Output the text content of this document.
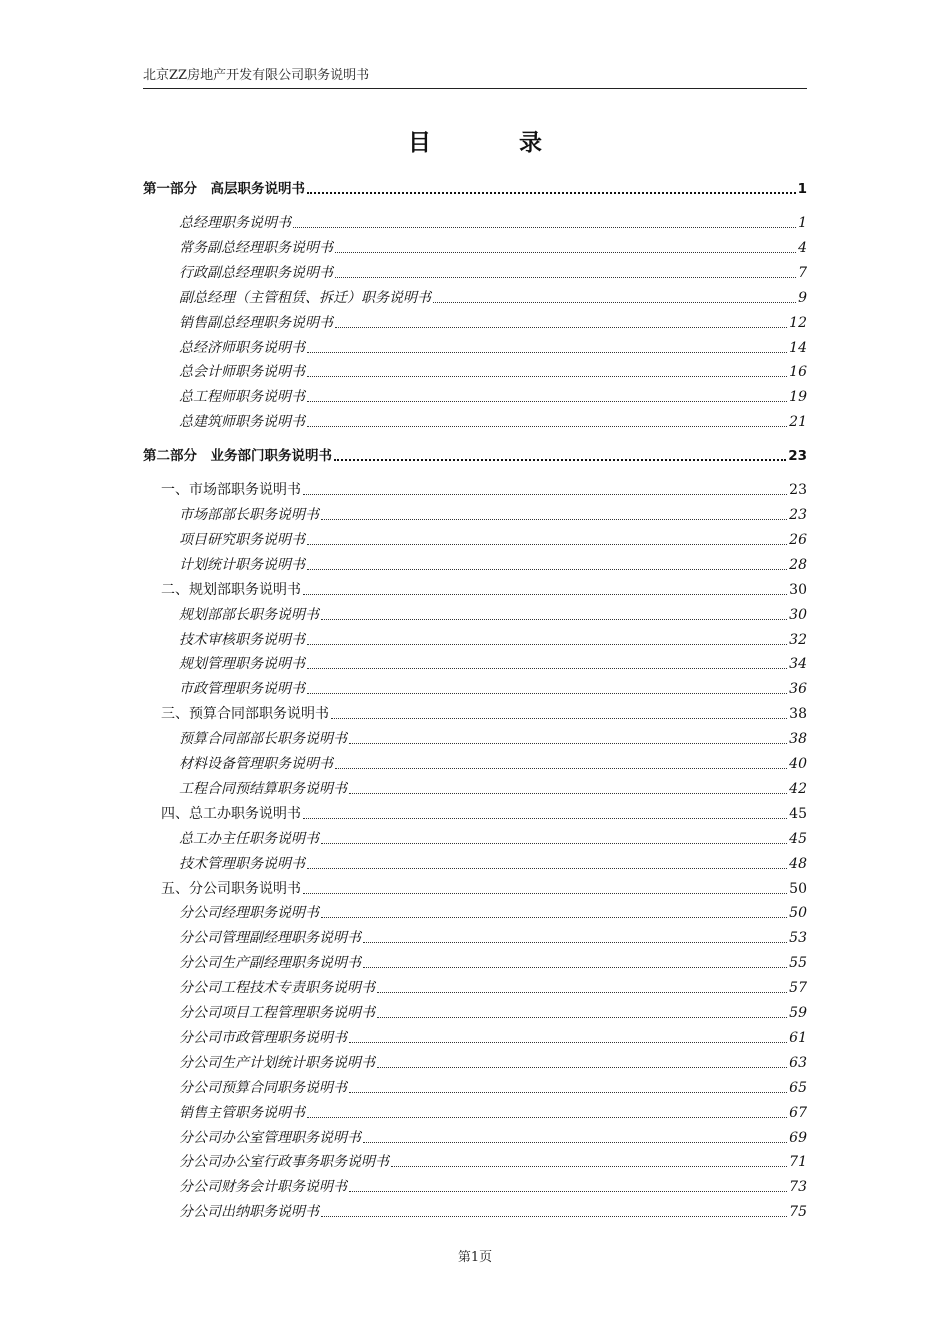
北京ZZ房地产开发有限公司职务说明书
目 录
第一部分　高层职务说明书	1
总经理职务说明书	1
常务副总经理职务说明书	4
行政副总经理职务说明书	7
副总经理（主管租赁、拆迁）职务说明书	9
销售副总经理职务说明书	12
总经济师职务说明书	14
总会计师职务说明书	16
总工程师职务说明书	19
总建筑师职务说明书	21
第二部分　业务部门职务说明书	23
一、市场部职务说明书	23
市场部部长职务说明书	23
项目研究职务说明书	26
计划统计职务说明书	28
二、规划部职务说明书	30
规划部部长职务说明书	30
技术审核职务说明书	32
规划管理职务说明书	34
市政管理职务说明书	36
三、预算合同部职务说明书	38
预算合同部部长职务说明书	38
材料设备管理职务说明书	40
工程合同预结算职务说明书	42
四、总工办职务说明书	45
总工办主任职务说明书	45
技术管理职务说明书	48
五、分公司职务说明书	50
分公司经理职务说明书	50
分公司管理副经理职务说明书	53
分公司生产副经理职务说明书	55
分公司工程技术专责职务说明书	57
分公司项目工程管理职务说明书	59
分公司市政管理职务说明书	61
分公司生产计划统计职务说明书	63
分公司预算合同职务说明书	65
销售主管职务说明书	67
分公司办公室管理职务说明书	69
分公司办公室行政事务职务说明书	71
分公司财务会计职务说明书	73
分公司出纳职务说明书	75
第1页
